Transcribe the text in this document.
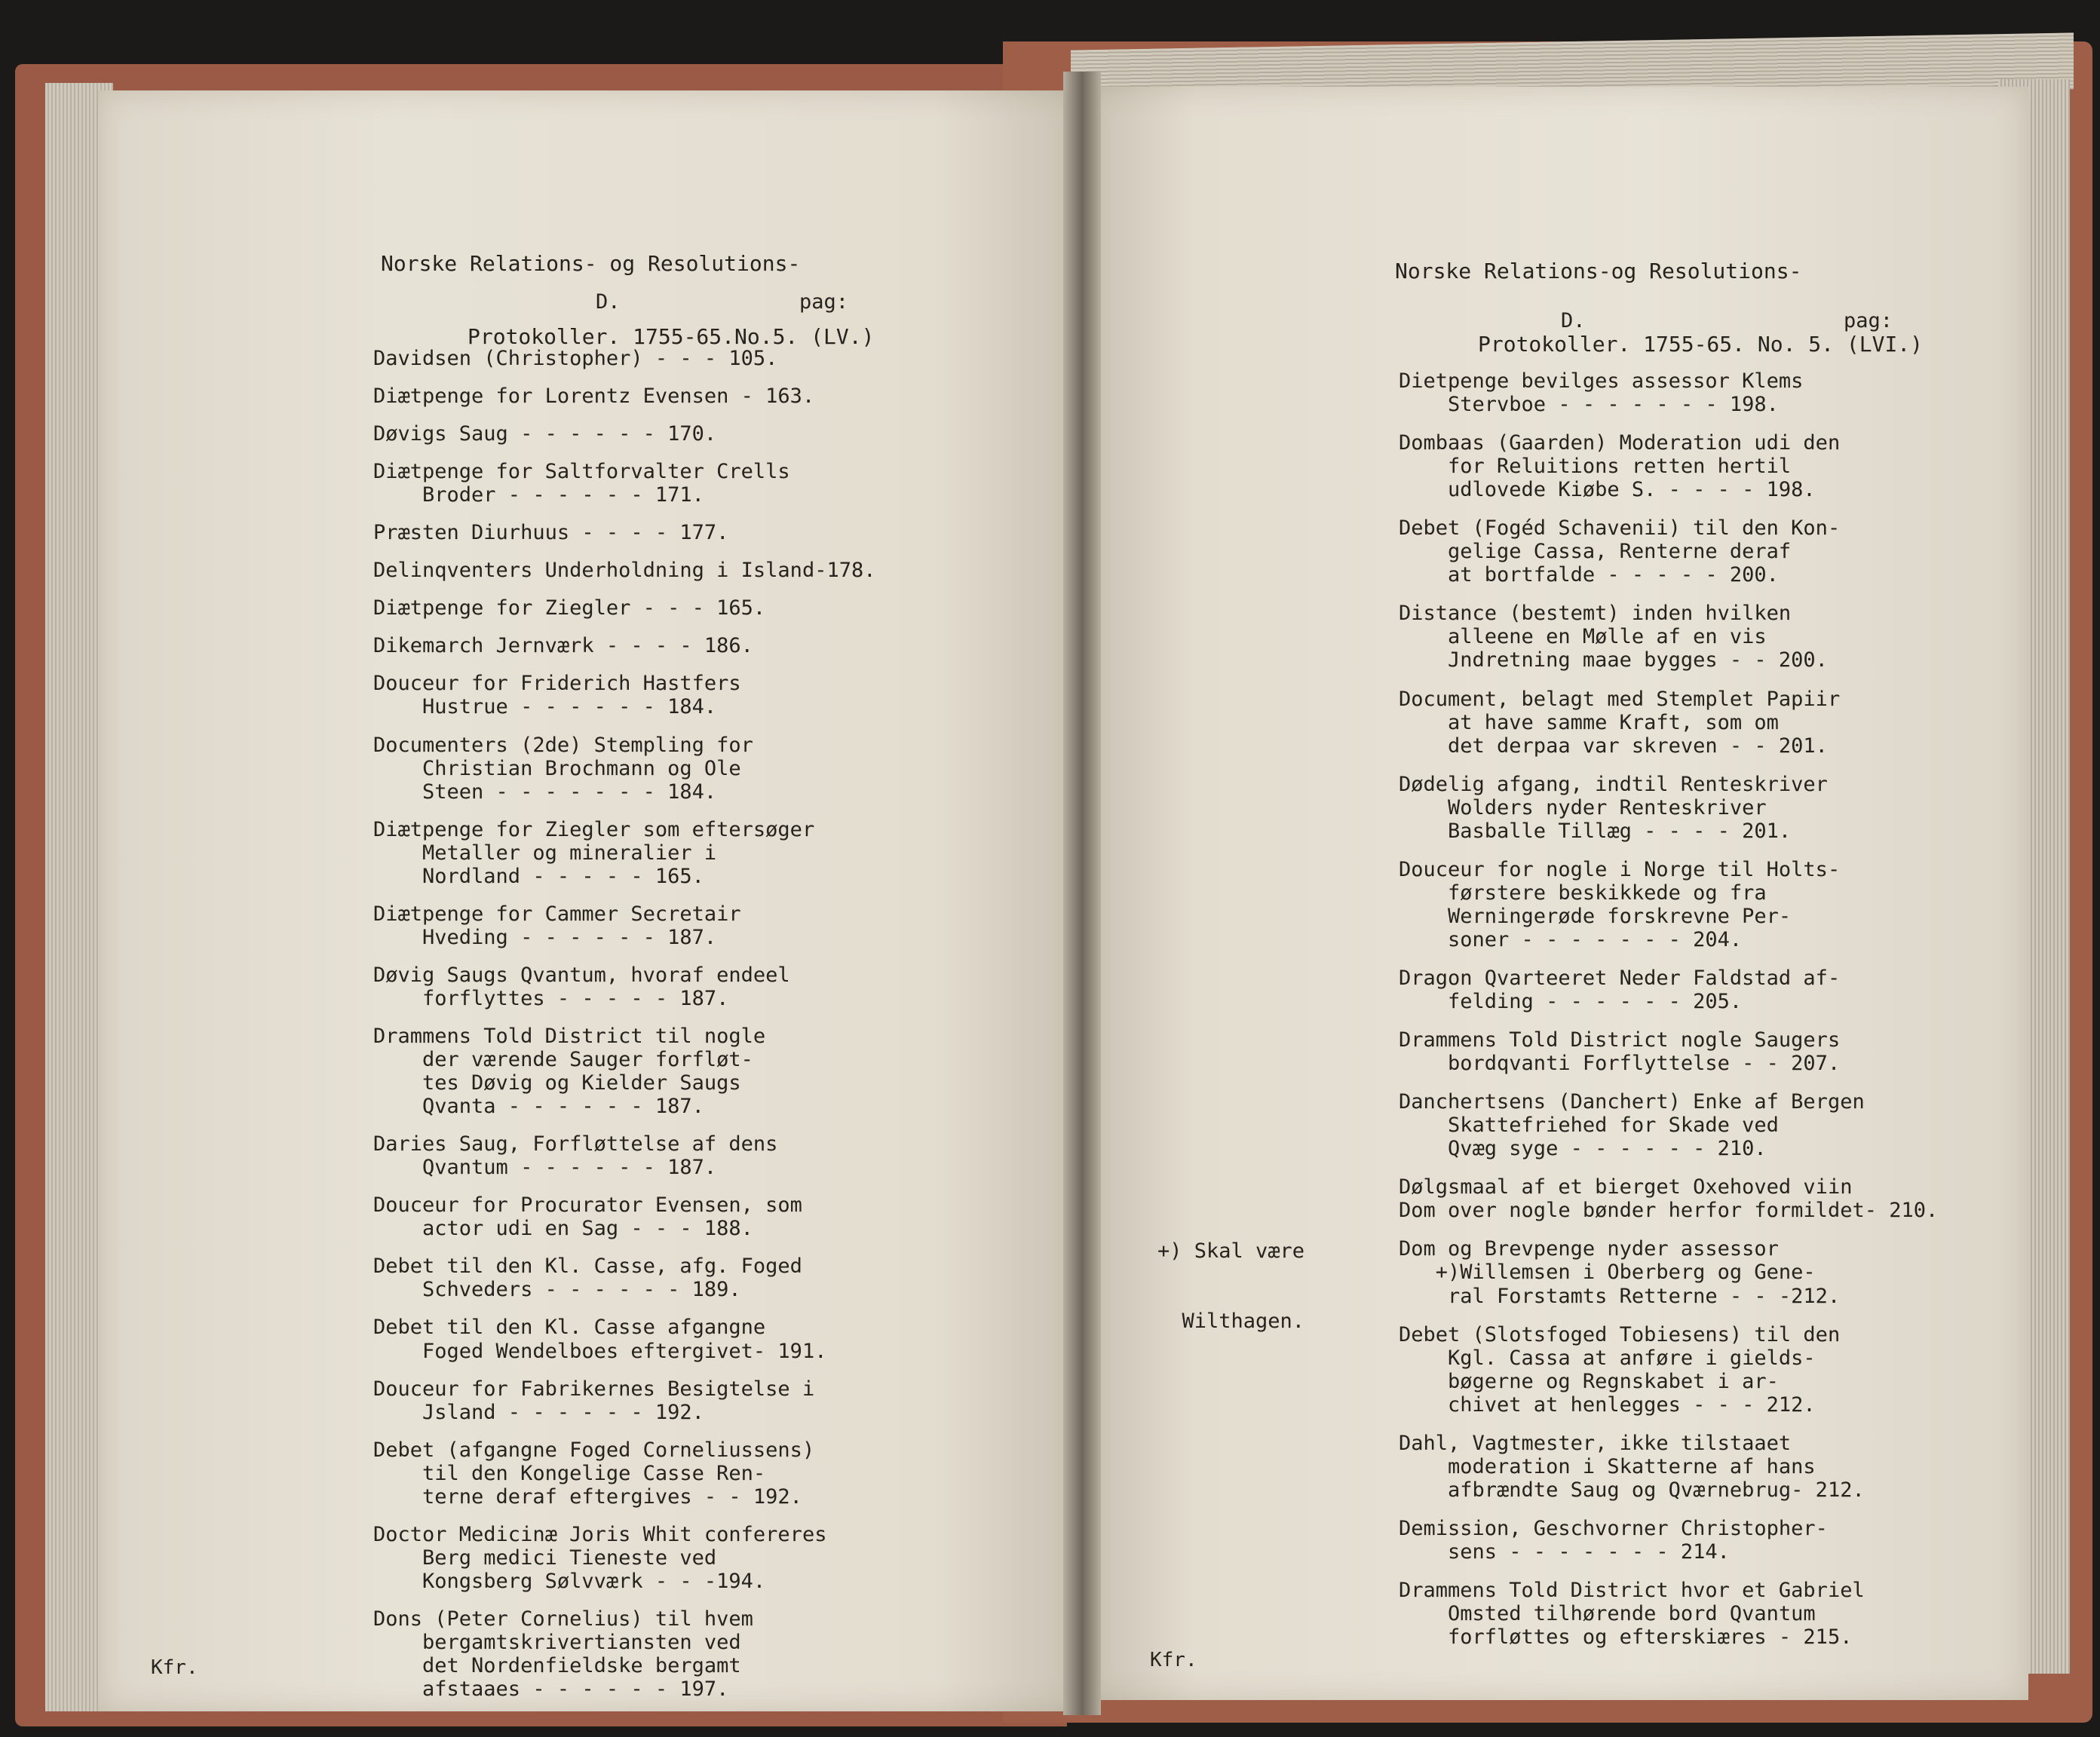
Norske Relations- og Resolutions-

Protokoller. 1755-65.No.5. (LV.)

D.	pag:
Davidsen (Christopher) - - - 105.
Diætpenge for Lorentz Evensen - 163.
Døvigs Saug - - - - - - 170.
Diætpenge for Saltforvalter Crells
Broder - - - - - - 171.
Præsten Diurhuus - - - - 177.
Delinqventers Underholdning i Island-178.
Diætpenge for Ziegler - - - 165.
Dikemarch Jernværk - - - - 186.
Douceur for Friderich Hastfers
Hustrue - - - - - - 184.
Documenters (2de) Stempling for
Christian Brochmann og Ole
Steen - - - - - - - 184.
Diætpenge for Ziegler som eftersøger
Metaller og mineralier i
Nordland - - - - - 165.
Diætpenge for Cammer Secretair
Hveding - - - - - - 187.
Døvig Saugs Qvantum, hvoraf endeel
forflyttes - - - - - 187.
Drammens Told District til nogle
der værende Sauger forfløt-
tes Døvig og Kielder Saugs
Qvanta - - - - - - 187.
Daries Saug, Forfløttelse af dens
Qvantum - - - - - - 187.
Douceur for Procurator Evensen, som
actor udi en Sag - - - 188.
Debet til den Kl. Casse, afg. Foged
Schveders - - - - - - 189.
Debet til den Kl. Casse afgangne
Foged Wendelboes eftergivet- 191.
Douceur for Fabrikernes Besigtelse i
Jsland - - - - - - 192.
Debet (afgangne Foged Corneliussens)
til den Kongelige Casse Ren-
terne deraf eftergives - - 192.
Doctor Medicinæ Joris Whit confereres
Berg medici Tieneste ved
Kongsberg Sølvværk - - -194.
Dons (Peter Cornelius) til hvem
bergamtskrivertiansten ved
det Nordenfieldske bergamt
afstaaes - - - - - - 197.
Kfr.

Norske Relations-og Resolutions-

Protokoller. 1755-65. No. 5. (LVI.)

D.	pag:
Dietpenge bevilges assessor Klems
Stervboe - - - - - - - 198.
Dombaas (Gaarden) Moderation udi den
for Reluitions retten hertil
udlovede Kiøbe S. - - - - 198.
Debet (Fogéd Schavenii) til den Kon-
gelige Cassa, Renterne deraf
at bortfalde - - - - - 200.
Distance (bestemt) inden hvilken
alleene en Mølle af en vis
Jndretning maae bygges - - 200.
Document, belagt med Stemplet Papiir
at have samme Kraft, som om
det derpaa var skreven - - 201.
Dødelig afgang, indtil Renteskriver
Wolders nyder Renteskriver
Basballe Tillæg - - - - 201.
Douceur for nogle i Norge til Holts-
førstere beskikkede og fra
Werningerøde forskrevne Per-
soner - - - - - - - 204.
Dragon Qvarteeret Neder Faldstad af-
felding - - - - - - 205.
Drammens Told District nogle Saugers
bordqvanti Forflyttelse - - 207.
Danchertsens (Danchert) Enke af Bergen
Skattefriehed for Skade ved
Qvæg syge - - - - - - 210.
Dølgsmaal af et bierget Oxehoved viin
Dom over nogle bønder herfor formildet- 210.
Dom og Brevpenge nyder assessor
+)Willemsen i Oberberg og Gene-
ral Forstamts Retterne - - -212.
Debet (Slotsfoged Tobiesens) til den
Kgl. Cassa at anføre i gields-
bøgerne og Regnskabet i ar-
chivet at henlegges - - - 212.
Dahl, Vagtmester, ikke tilstaaet
moderation i Skatterne af hans
afbrændte Saug og Qværnebrug- 212.
Demission, Geschvorner Christopher-
sens - - - - - - - 214.
Drammens Told District hvor et Gabriel
Omsted tilhørende bord Qvantum
forfløttes og efterskiæres - 215.

+) Skal være

Wilthagen.

Kfr.
